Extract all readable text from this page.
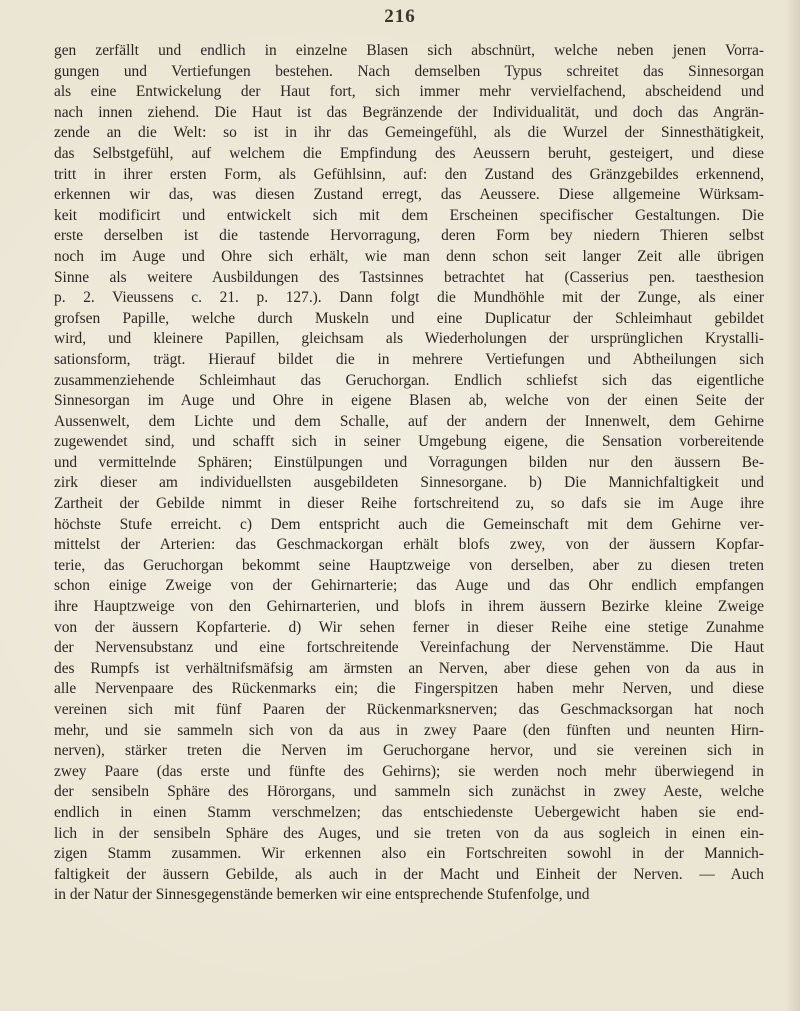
216
gen zerfällt und endlich in einzelne Blasen sich abschnürt, welche neben jenen Vorra-
gungen und Vertiefungen bestehen. Nach demselben Typus schreitet das Sinnesorgan
als eine Entwickelung der Haut fort, sich immer mehr vervielfachend, abscheidend und
nach innen ziehend. Die Haut ist das Begränzende der Individualität, und doch das Angrän-
zende an die Welt: so ist in ihr das Gemeingefühl, als die Wurzel der Sinnesthätigkeit,
das Selbstgefühl, auf welchem die Empfindung des Aeussern beruht, gesteigert, und diese
tritt in ihrer ersten Form, als Gefühlsinn, auf: den Zustand des Gränzgebildes erkennend,
erkennen wir das, was diesen Zustand erregt, das Aeussere. Diese allgemeine Würksam-
keit modificirt und entwickelt sich mit dem Erscheinen specifischer Gestaltungen. Die
erste derselben ist die tastende Hervorragung, deren Form bey niedern Thieren selbst
noch im Auge und Ohre sich erhält, wie man denn schon seit langer Zeit alle übrigen
Sinne als weitere Ausbildungen des Tastsinnes betrachtet hat (Casserius pen. taesthesion
p. 2. Vieussens c. 21. p. 127.). Dann folgt die Mundhöhle mit der Zunge, als einer
grofsen Papille, welche durch Muskeln und eine Duplicatur der Schleimhaut gebildet
wird, und kleinere Papillen, gleichsam als Wiederholungen der ursprünglichen Krystalli-
sationsform, trägt. Hierauf bildet die in mehrere Vertiefungen und Abtheilungen sich
zusammenziehende Schleimhaut das Geruchorgan. Endlich schliefst sich das eigentliche
Sinnesorgan im Auge und Ohre in eigene Blasen ab, welche von der einen Seite der
Aussenwelt, dem Lichte und dem Schalle, auf der andern der Innenwelt, dem Gehirne
zugewendet sind, und schafft sich in seiner Umgebung eigene, die Sensation vorbereitende
und vermittelnde Sphären; Einstülpungen und Vorragungen bilden nur den äussern Be-
zirk dieser am individuellsten ausgebildeten Sinnesorgane. b) Die Mannichfaltigkeit und
Zartheit der Gebilde nimmt in dieser Reihe fortschreitend zu, so dafs sie im Auge ihre
höchste Stufe erreicht. c) Dem entspricht auch die Gemeinschaft mit dem Gehirne ver-
mittelst der Arterien: das Geschmackorgan erhält blofs zwey, von der äussern Kopfar-
terie, das Geruchorgan bekommt seine Hauptzweige von derselben, aber zu diesen treten
schon einige Zweige von der Gehirnarterie; das Auge und das Ohr endlich empfangen
ihre Hauptzweige von den Gehirnarterien, und blofs in ihrem äussern Bezirke kleine Zweige
von der äussern Kopfarterie. d) Wir sehen ferner in dieser Reihe eine stetige Zunahme
der Nervensubstanz und eine fortschreitende Vereinfachung der Nervenstämme. Die Haut
des Rumpfs ist verhältnifsmäfsig am ärmsten an Nerven, aber diese gehen von da aus in
alle Nervenpaare des Rückenmarks ein; die Fingerspitzen haben mehr Nerven, und diese
vereinen sich mit fünf Paaren der Rückenmarksnerven; das Geschmacksorgan hat noch
mehr, und sie sammeln sich von da aus in zwey Paare (den fünften und neunten Hirn-
nerven), stärker treten die Nerven im Geruchorgane hervor, und sie vereinen sich in
zwey Paare (das erste und fünfte des Gehirns); sie werden noch mehr überwiegend in
der sensibeln Sphäre des Hörorgans, und sammeln sich zunächst in zwey Aeste, welche
endlich in einen Stamm verschmelzen; das entschiedenste Uebergewicht haben sie end-
lich in der sensibeln Sphäre des Auges, und sie treten von da aus sogleich in einen ein-
zigen Stamm zusammen. Wir erkennen also ein Fortschreiten sowohl in der Mannich-
faltigkeit der äussern Gebilde, als auch in der Macht und Einheit der Nerven. — Auch
in der Natur der Sinnesgegenstände bemerken wir eine entsprechende Stufenfolge, und
